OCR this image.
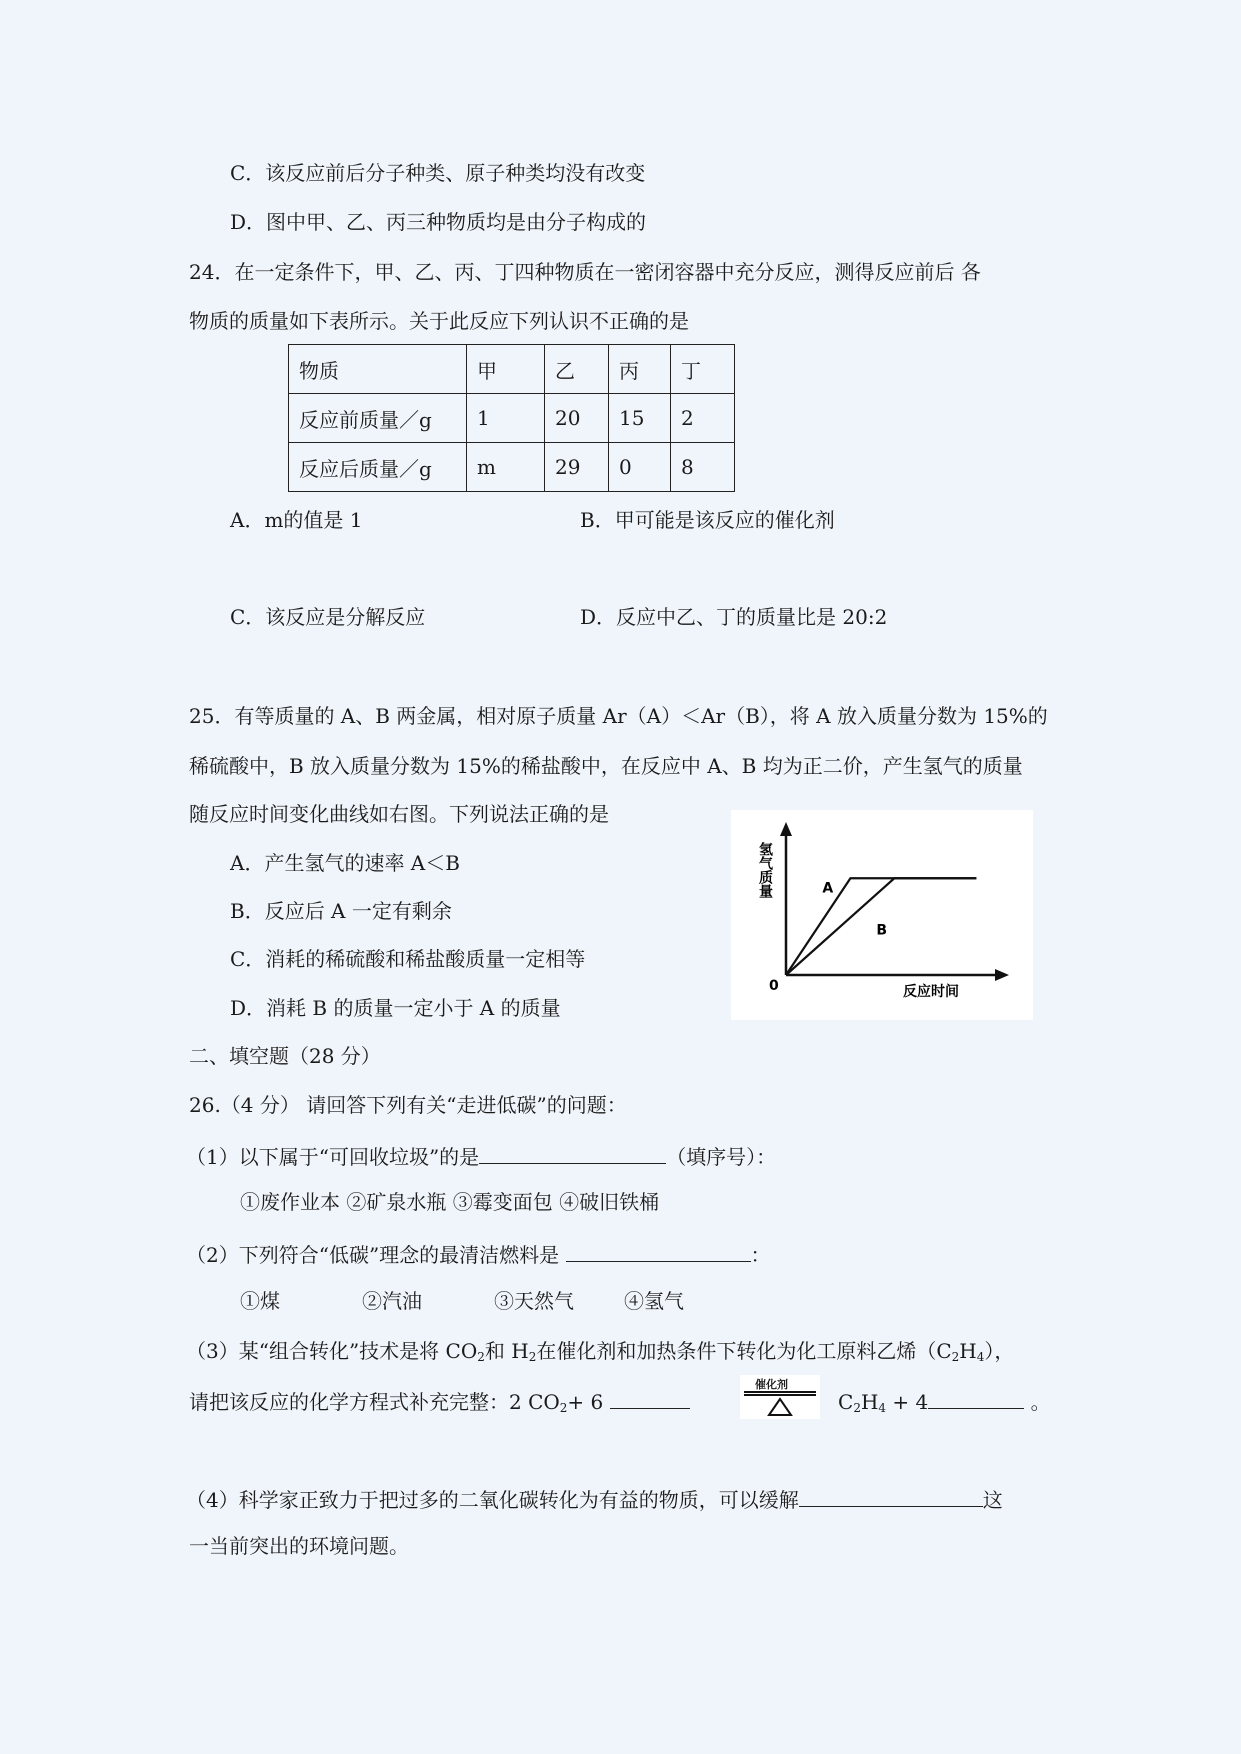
C．该反应前后分子种类、原子种类均没有改变
D．图中甲、乙、丙三种物质均是由分子构成的
24．在一定条件下，甲、乙、丙、丁四种物质在一密闭容器中充分反应，测得反应前后 各
物质的质量如下表所示。关于此反应下列认识不正确的是
物质	甲	乙	丙	丁
反应前质量／g	1	20	15	2
反应后质量／g	m	29	0	8
A．m的值是 1	B．甲可能是该反应的催化剂
C．该反应是分解反应	D．反应中乙、丁的质量比是 20:2
25．有等质量的 A、B 两金属，相对原子质量 Ar（A）＜Ar（B），将 A 放入质量分数为 15%的
稀硫酸中，B 放入质量分数为 15%的稀盐酸中，在反应中 A、B 均为正二价，产生氢气的质量
随反应时间变化曲线如右图。下列说法正确的是
A．产生氢气的速率 A＜B
B．反应后 A 一定有剩余
C．消耗的稀硫酸和稀盐酸质量一定相等
D．消耗 B 的质量一定小于 A 的质量
氢气质量
反应时间
0
A
B
二、填空题（28 分）
26.（4 分） 请回答下列有关“走进低碳”的问题：
（1）以下属于“可回收垃圾”的是	（填序号）：
①废作业本 ②矿泉水瓶 ③霉变面包 ④破旧铁桶
（2）下列符合“低碳”理念的最清洁燃料是	：
①煤	②汽油	③天然气	④氢气
（3）某“组合转化”技术是将 $CO_2$和 $H_2$在催化剂和加热条件下转化为化工原料乙烯$(C_2H_4)$，
请把该反应的化学方程式补充完整：2 $CO_2+ 6$
催化剂
$C_2H_4 + 4$	。
（4）科学家正致力于把过多的二氧化碳转化为有益的物质，可以缓解	这
一当前突出的环境问题。
